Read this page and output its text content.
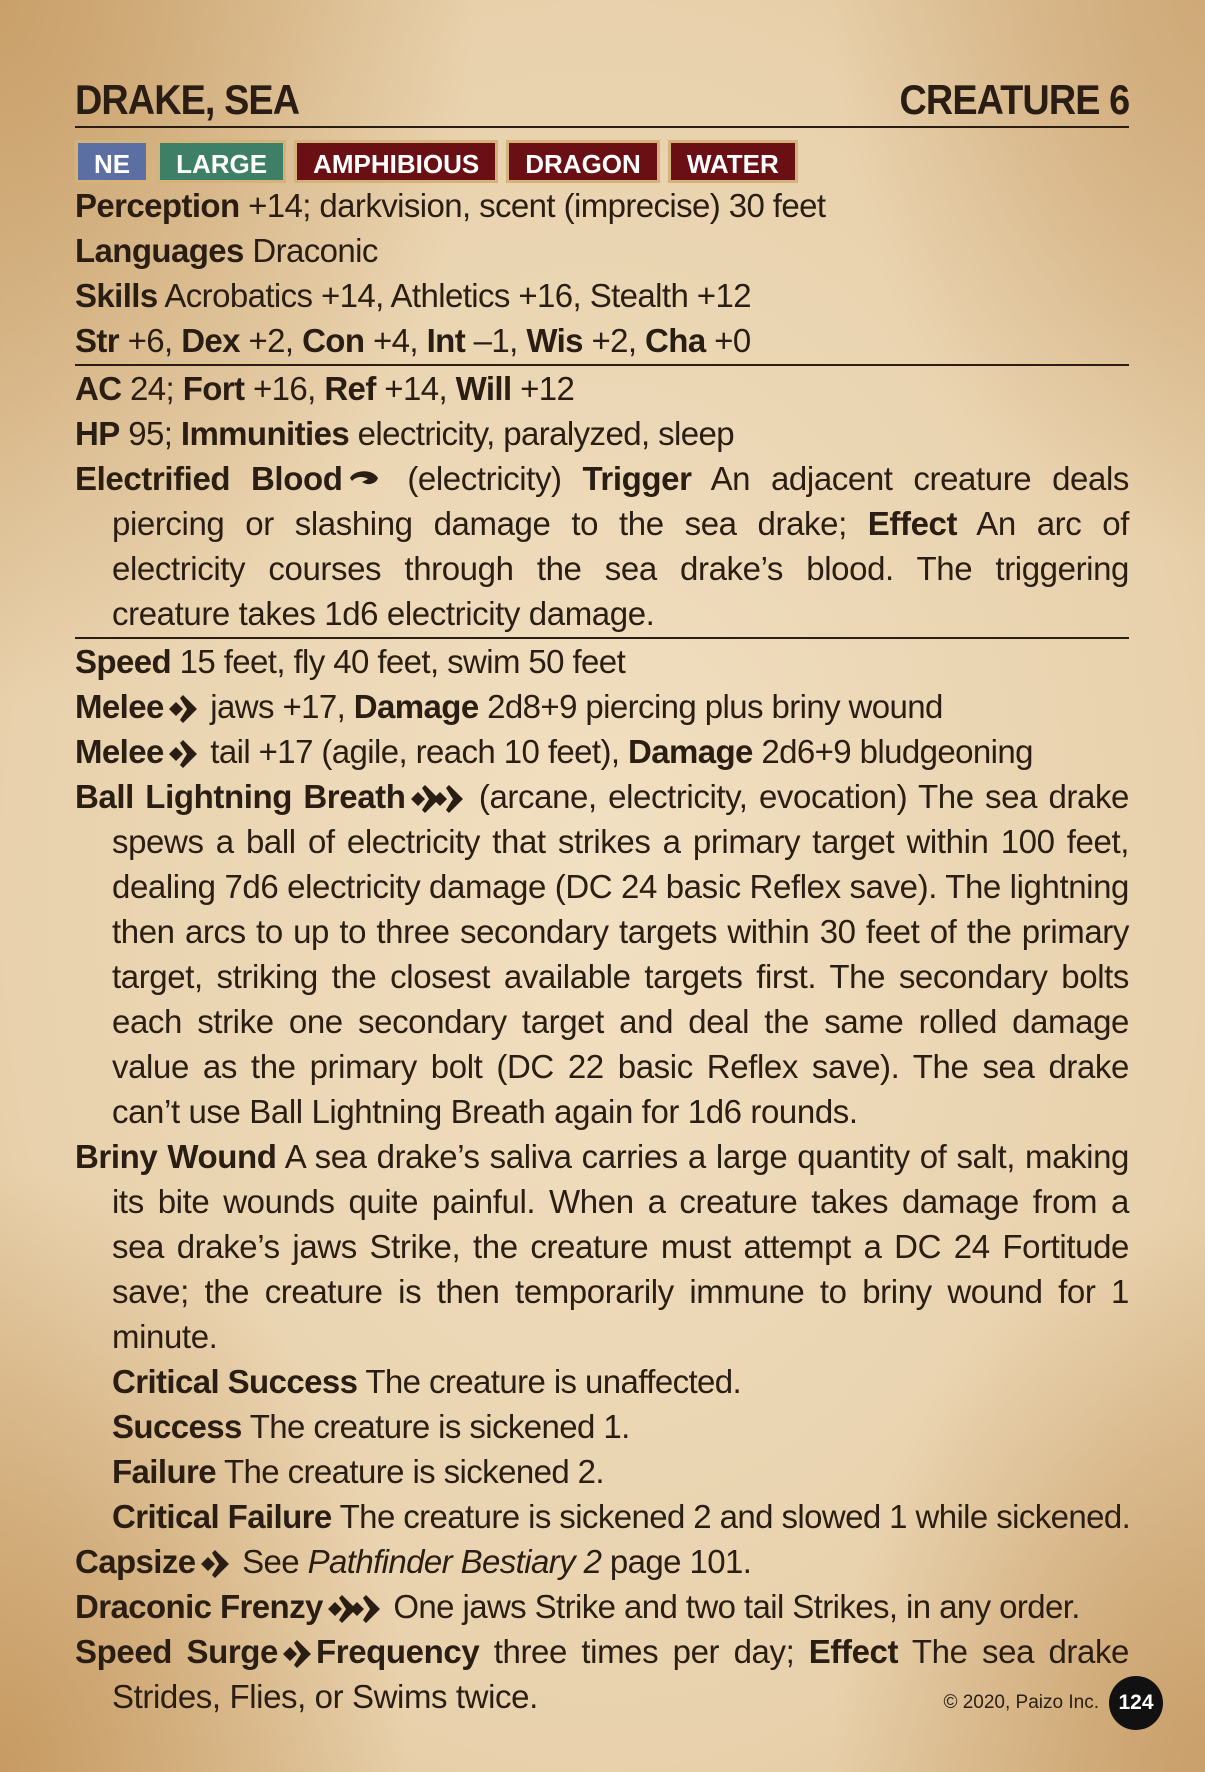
DRAKE, SEA	CREATURE 6
NE	LARGE	AMPHIBIOUS	DRAGON	WATER
Perception +14; darkvision, scent (imprecise) 30 feet
Languages Draconic
Skills Acrobatics +14, Athletics +16, Stealth +12
Str +6, Dex +2, Con +4, Int –1, Wis +2, Cha +0
AC 24; Fort +16, Ref +14, Will +12
HP 95; Immunities electricity, paralyzed, sleep
Electrified Blood
(electricity) Trigger An adjacent creature deals piercing or slashing damage to the sea drake; Effect An arc of electricity courses through the sea drake’s blood. The triggering creature takes 1d6 electricity damage.
Speed 15 feet, fly 40 feet, swim 50 feet
Melee
jaws +17, Damage 2d8+9 piercing plus briny wound
Melee
tail +17 (agile, reach 10 feet), Damage 2d6+9 bludgeoning
Ball Lightning Breath
(arcane, electricity, evocation) The sea drake spews a ball of electricity that strikes a primary target within 100 feet, dealing 7d6 electricity damage (DC 24 basic Reflex save). The lightning then arcs to up to three secondary targets within 30 feet of the primary target, striking the closest available targets first. The secondary bolts each strike one secondary target and deal the same rolled damage value as the primary bolt (DC 22 basic Reflex save). The sea drake can’t use Ball Lightning Breath again for 1d6 rounds.
Briny Wound A sea drake’s saliva carries a large quantity of salt, making its bite wounds quite painful. When a creature takes damage from a sea drake’s jaws Strike, the creature must attempt a DC 24 Fortitude save; the creature is then temporarily immune to briny wound for 1 minute.
Critical Success The creature is unaffected.
Success The creature is sickened 1.
Failure The creature is sickened 2.
Critical Failure The creature is sickened 2 and slowed 1 while sickened.
Capsize
See Pathfinder Bestiary 2 page 101.
Draconic Frenzy
One jaws Strike and two tail Strikes, in any order.
Speed Surge Frequency three times per day; Effect The sea drake Strides, Flies, or Swims twice.	© 2020, Paizo Inc. 124
